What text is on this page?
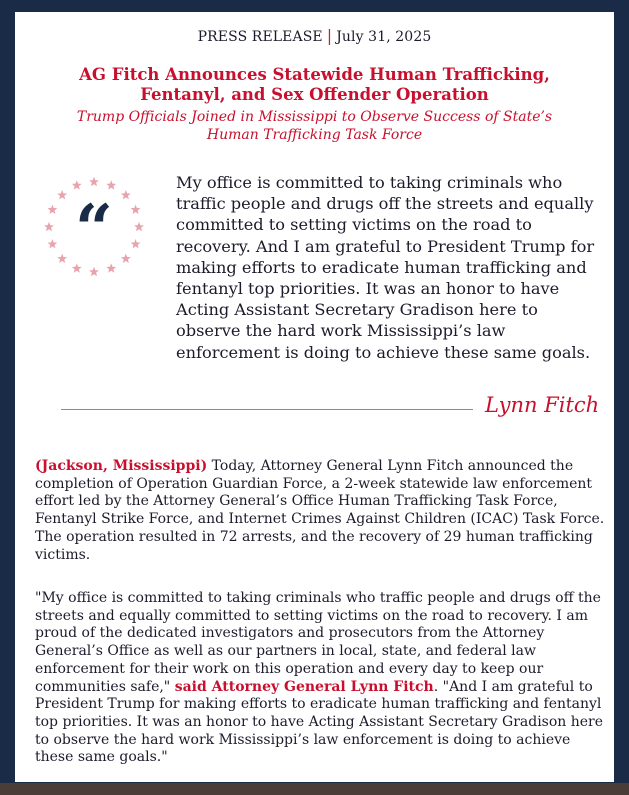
PRESS RELEASE | July 31, 2025
AG Fitch Announces Statewide Human Trafficking,
Fentanyl, and Sex Offender Operation
Trump Officials Joined in Mississippi to Observe Success of State’s
Human Trafficking Task Force
“
My office is committed to taking criminals who traffic people and drugs off the streets and equally committed to setting victims on the road to recovery. And I am grateful to President Trump for making efforts to eradicate human trafficking and fentanyl top priorities. It was an honor to have Acting Assistant Secretary Gradison here to observe the hard work Mississippi’s law enforcement is doing to achieve these same goals.
Lynn Fitch
(Jackson, Mississippi) Today, Attorney General Lynn Fitch announced the completion of Operation Guardian Force, a 2-week statewide law enforcement effort led by the Attorney General’s Office Human Trafficking Task Force, Fentanyl Strike Force, and Internet Crimes Against Children (ICAC) Task Force. The operation resulted in 72 arrests, and the recovery of 29 human trafficking victims.
"My office is committed to taking criminals who traffic people and drugs off the streets and equally committed to setting victims on the road to recovery. I am proud of the dedicated investigators and prosecutors from the Attorney General’s Office as well as our partners in local, state, and federal law enforcement for their work on this operation and every day to keep our communities safe," said Attorney General Lynn Fitch. "And I am grateful to President Trump for making efforts to eradicate human trafficking and fentanyl top priorities. It was an honor to have Acting Assistant Secretary Gradison here to observe the hard work Mississippi’s law enforcement is doing to achieve these same goals."
